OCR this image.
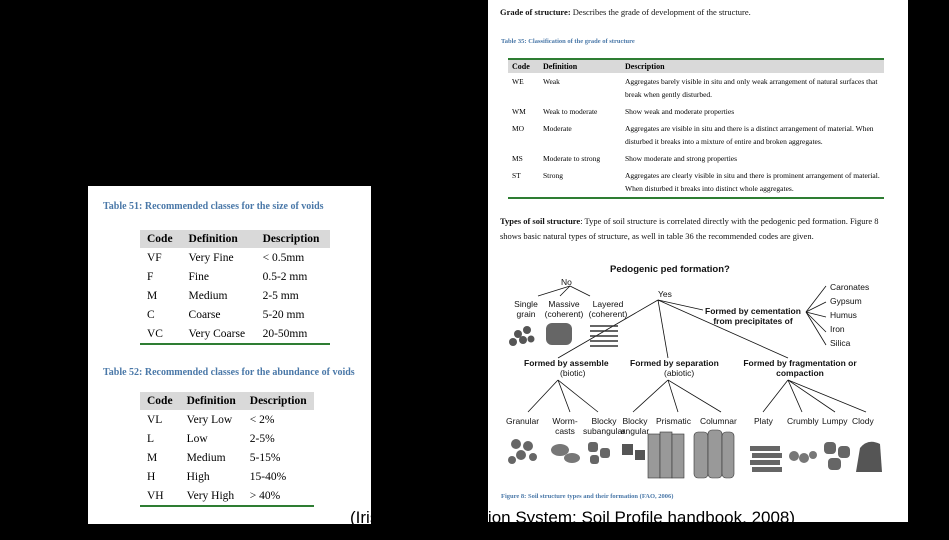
Table 51: Recommended classes for the size of voids
Code	Definition	Description
VF	Very Fine	< 0.5mm
F	Fine	0.5-2 mm
M	Medium	2-5 mm
C	Coarse	5-20 mm
VC	Very Coarse	20-50mm
Table 52: Recommended classes for the abundance of voids
Code	Definition	Description
VL	Very Low	< 2%
L	Low	2-5%
M	Medium	5-15%
H	High	15-40%
VH	Very High	> 40%
Grade of structure: Describes the grade of development of the structure.
Table 35: Classification of the grade of structure
Code	Definition	Description
WE	Weak	Aggregates barely visible in situ and only weak arrangement of natural surfaces that break when gently disturbed.
WM	Weak to moderate	Show weak and moderate properties
MO	Moderate	Aggregates are visible in situ and there is a distinct arrangement of material. When disturbed it breaks into a mixture of entire and broken aggregates.
MS	Moderate to strong	Show moderate and strong properties
ST	Strong	Aggregates are clearly visible in situ and there is prominent arrangement of material. When disturbed it breaks into distinct whole aggregates.
Types of soil structure: Type of soil structure is correlated directly with the pedogenic ped formation. Figure 8 shows basic natural types of structure, as well in table 36 the recommended codes are given.
Pedogenic ped formation?
No
Yes
Single grain
Massive (coherent)
Layered (coherent)	Formed by cementation from precipitates of
Caronates
Gypsum
Humus
Iron
Silica
Formed by assemble
(biotic)
Formed by separation
(abiotic)
Formed by fragmentation or compaction
Granular Worm-casts
Blocky subangular
Blocky angular
Prismatic Columnar Platy Crumbly Lumpy Clody
Figure 8: Soil structure types and their formation (FAO, 2006)
(Irish Soil Information System: Soil Profile handbook, 2008)
